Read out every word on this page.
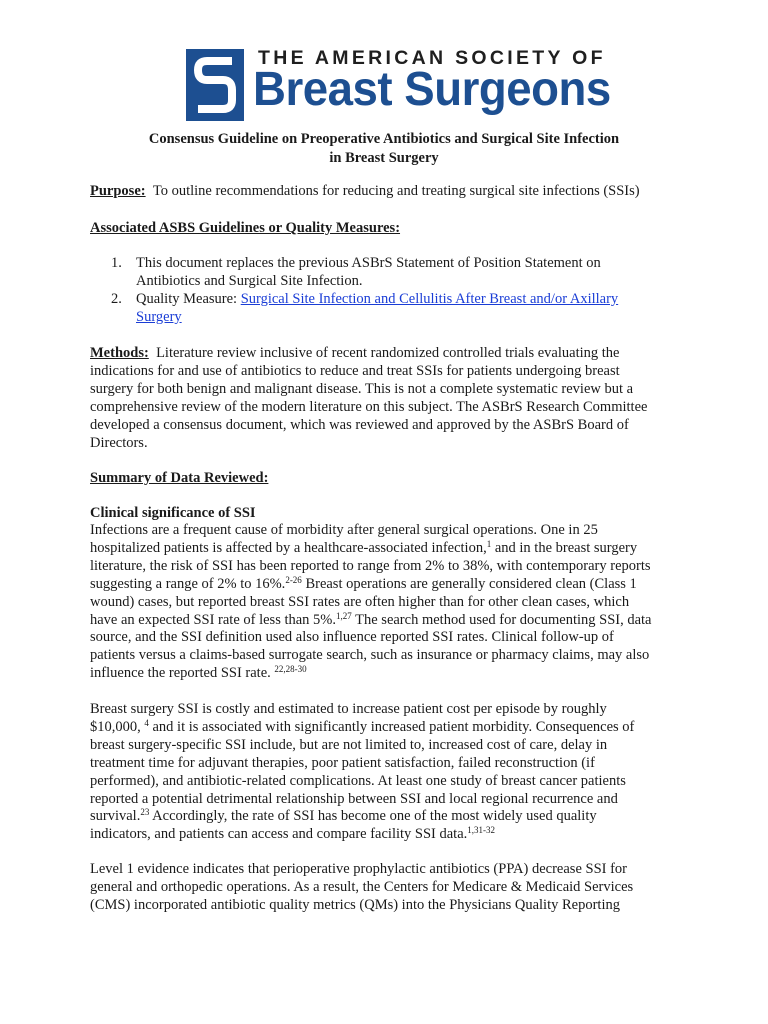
THE AMERICAN SOCIETY OF
Breast Surgeons
Consensus Guideline on Preoperative Antibiotics and Surgical Site Infection
in Breast Surgery
Purpose: To outline recommendations for reducing and treating surgical site infections (SSIs)
Associated ASBS Guidelines or Quality Measures:
1. This document replaces the previous ASBrS Statement of Position Statement on
Antibiotics and Surgical Site Infection.
2. Quality Measure: Surgical Site Infection and Cellulitis After Breast and/or Axillary
Surgery
Methods: Literature review inclusive of recent randomized controlled trials evaluating the
indications for and use of antibiotics to reduce and treat SSIs for patients undergoing breast
surgery for both benign and malignant disease. This is not a complete systematic review but a
comprehensive review of the modern literature on this subject. The ASBrS Research Committee
developed a consensus document, which was reviewed and approved by the ASBrS Board of
Directors.
Summary of Data Reviewed:
Clinical significance of SSI
Infections are a frequent cause of morbidity after general surgical operations. One in 25
hospitalized patients is affected by a healthcare-associated infection,$^1$ and in the breast surgery
literature, the risk of SSI has been reported to range from 2% to 38%, with contemporary reports
suggesting a range of 2% to 16%.$^{2-26}$ Breast operations are generally considered clean (Class 1
wound) cases, but reported breast SSI rates are often higher than for other clean cases, which
have an expected SSI rate of less than 5%.$^{1,27}$ The search method used for documenting SSI, data
source, and the SSI definition used also influence reported SSI rates. Clinical follow-up of
patients versus a claims-based surrogate search, such as insurance or pharmacy claims, may also
influence the reported SSI rate. $^{22,28-30}$
Breast surgery SSI is costly and estimated to increase patient cost per episode by roughly
$10,000, $^4$ and it is associated with significantly increased patient morbidity. Consequences of
breast surgery-specific SSI include, but are not limited to, increased cost of care, delay in
treatment time for adjuvant therapies, poor patient satisfaction, failed reconstruction (if
performed), and antibiotic-related complications. At least one study of breast cancer patients
reported a potential detrimental relationship between SSI and local regional recurrence and
survival.$^{23}$ Accordingly, the rate of SSI has become one of the most widely used quality
indicators, and patients can access and compare facility SSI data.$^{1,31-32}$
Level 1 evidence indicates that perioperative prophylactic antibiotics (PPA) decrease SSI for
general and orthopedic operations. As a result, the Centers for Medicare & Medicaid Services
(CMS) incorporated antibiotic quality metrics (QMs) into the Physicians Quality Reporting
